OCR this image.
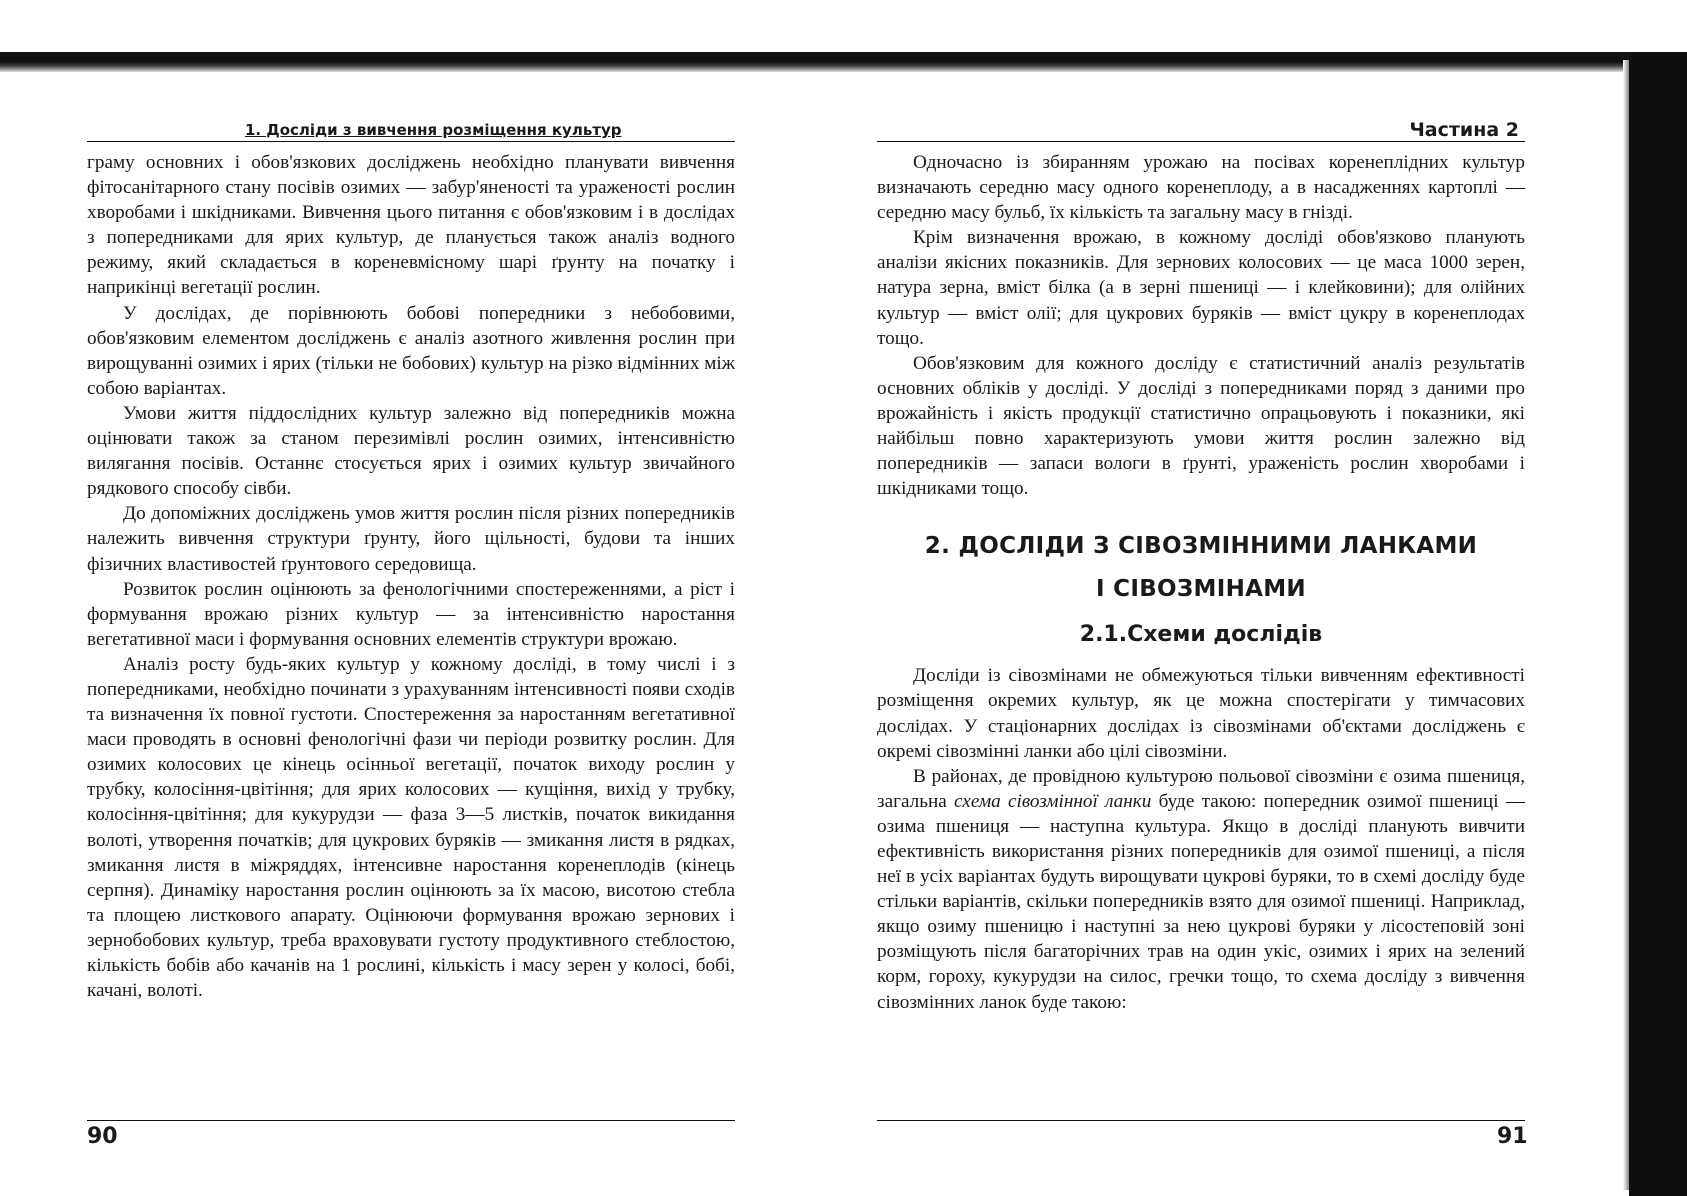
1. Досліди з вивчення розміщення культур

граму основних і обов'язкових досліджень необхідно планувати вивчення фітосанітарного стану посівів озимих — забур'яненості та ураженості рослин хворобами і шкідниками. Вивчення цього питання є обов'язковим і в дослідах з попередниками для ярих культур, де планується також аналіз водного режиму, який складається в кореневмісному шарі ґрунту на початку і наприкінці вегетації рослин.

У дослідах, де порівнюють бобові попередники з небобовими, обов'язковим елементом досліджень є аналіз азотного живлення рослин при вирощуванні озимих і ярих (тільки не бобових) культур на різко відмінних між собою варіантах.

Умови життя піддослідних культур залежно від попередників можна оцінювати також за станом перезимівлі рослин озимих, інтенсивністю вилягання посівів. Останнє стосується ярих і озимих культур звичайного рядкового способу сівби.

До допоміжних досліджень умов життя рослин після різних попередників належить вивчення структури ґрунту, його щільності, будови та інших фізичних властивостей ґрунтового середовища.

Розвиток рослин оцінюють за фенологічними спостереженнями, а ріст і формування врожаю різних культур — за інтенсивністю наростання вегетативної маси і формування основних елементів структури врожаю.

Аналіз росту будь-яких культур у кожному досліді, в тому числі і з попередниками, необхідно починати з урахуванням інтенсивності появи сходів та визначення їх повної густоти. Спостереження за наростанням вегетативної маси проводять в основні фенологічні фази чи періоди розвитку рослин. Для озимих колосових це кінець осінньої вегетації, початок виходу рослин у трубку, колосіння-цвітіння; для ярих колосових — кущіння, вихід у трубку, колосіння-цвітіння; для кукурудзи — фаза 3—5 листків, початок викидання волоті, утворення початків; для цукрових буряків — змикання листя в рядках, змикання листя в міжряддях, інтенсивне наростання коренеплодів (кінець серпня). Динаміку наростання рослин оцінюють за їх масою, висотою стебла та площею листкового апарату. Оцінюючи формування врожаю зернових і зернобобових культур, треба враховувати густоту продуктивного стеблостою, кількість бобів або качанів на 1 рослині, кількість і масу зерен у колосі, бобі, качані, волоті.

90
Частина 2

Одночасно із збиранням урожаю на посівах коренеплідних культур визначають середню масу одного коренеплоду, а в насадженнях картоплі — середню масу бульб, їх кількість та загальну масу в гнізді.

Крім визначення врожаю, в кожному досліді обов'язково планують аналізи якісних показників. Для зернових колосових — це маса 1000 зерен, натура зерна, вміст білка (а в зерні пшениці — і клейковини); для олійних культур — вміст олії; для цукрових буряків — вміст цукру в коренеплодах тощо.

Обов'язковим для кожного досліду є статистичний аналіз результатів основних обліків у досліді. У досліді з попередниками поряд з даними про врожайність і якість продукції статистично опрацьовують і показники, які найбільш повно характеризують умови життя рослин залежно від попередників — запаси вологи в ґрунті, ураженість рослин хворобами і шкідниками тощо.

2. ДОСЛІДИ З СІВОЗМІННИМИ ЛАНКАМИ
І СІВОЗМІНАМИ
2.1.Схеми дослідів

Досліди із сівозмінами не обмежуються тільки вивченням ефективності розміщення окремих культур, як це можна спостерігати у тимчасових дослідах. У стаціонарних дослідах із сівозмінами об'єктами досліджень є окремі сівозмінні ланки або цілі сівозміни.

В районах, де провідною культурою польової сівозміни є озима пшениця, загальна схема сівозмінної ланки буде такою: попередник озимої пшениці — озима пшениця — наступна культура. Якщо в досліді планують вивчити ефективність використання різних попередників для озимої пшениці, а після неї в усіх варіантах будуть вирощувати цукрові буряки, то в схемі досліду буде стільки варіантів, скільки попередників взято для озимої пшениці. Наприклад, якщо озиму пшеницю і наступні за нею цукрові буряки у лісостеповій зоні розміщують після багаторічних трав на один укіс, озимих і ярих на зелений корм, гороху, кукурудзи на силос, гречки тощо, то схема досліду з вивчення сівозмінних ланок буде такою:

91
